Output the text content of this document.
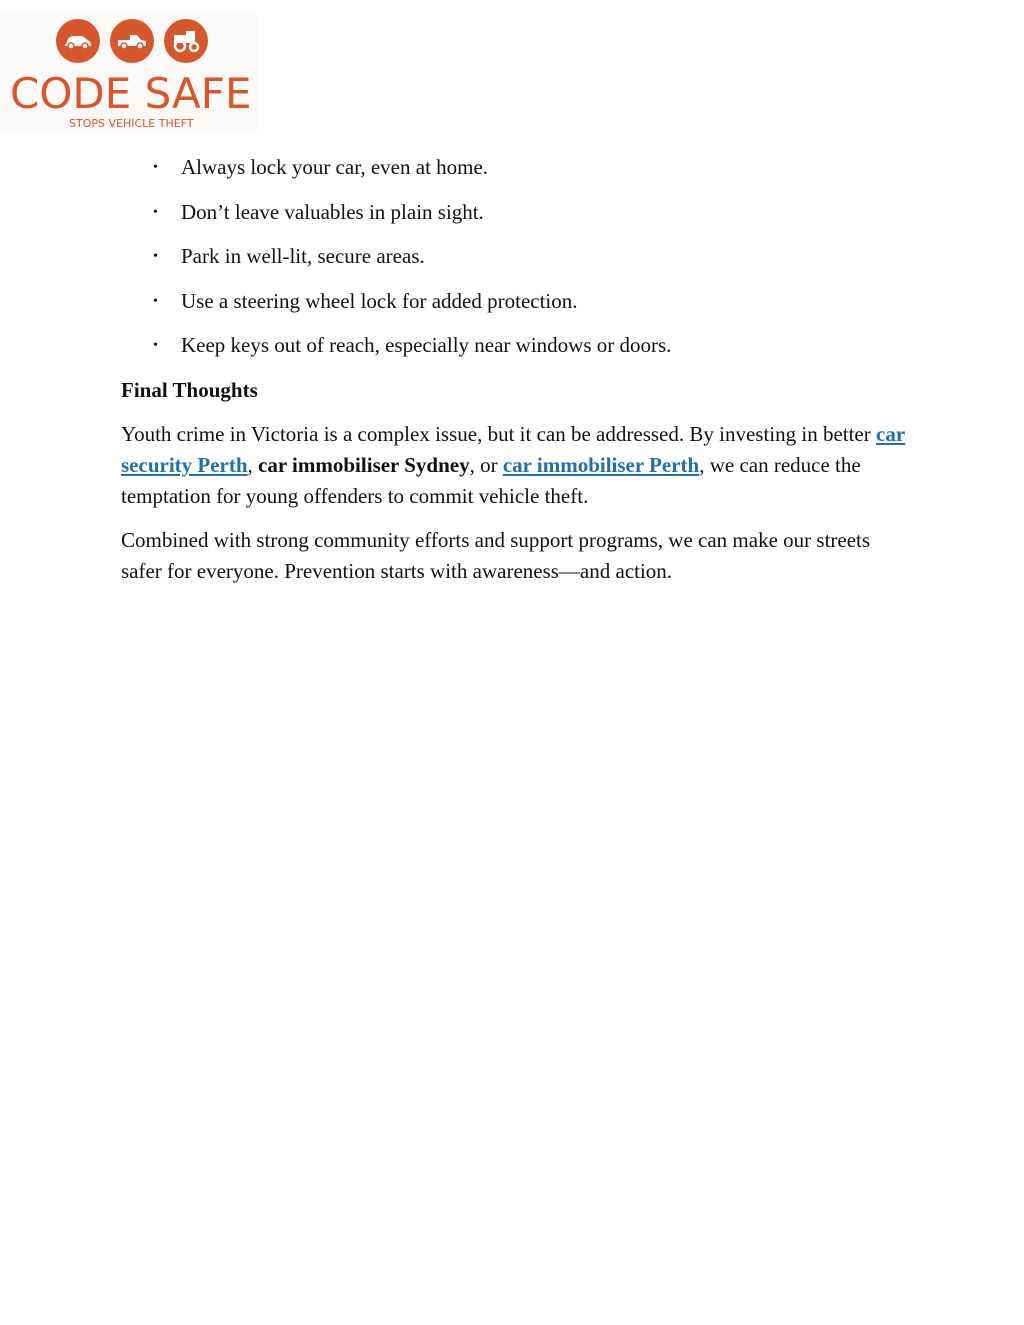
CODE SAFE
STOPS VEHICLE THEFT
• Always lock your car, even at home.
• Don’t leave valuables in plain sight.
• Park in well-lit, secure areas.
• Use a steering wheel lock for added protection.
• Keep keys out of reach, especially near windows or doors.
Final Thoughts

Youth crime in Victoria is a complex issue, but it can be addressed. By investing in better car security Perth, car immobiliser Sydney, or car immobiliser Perth, we can reduce the temptation for young offenders to commit vehicle theft.

Combined with strong community efforts and support programs, we can make our streets safer for everyone. Prevention starts with awareness—and action.
